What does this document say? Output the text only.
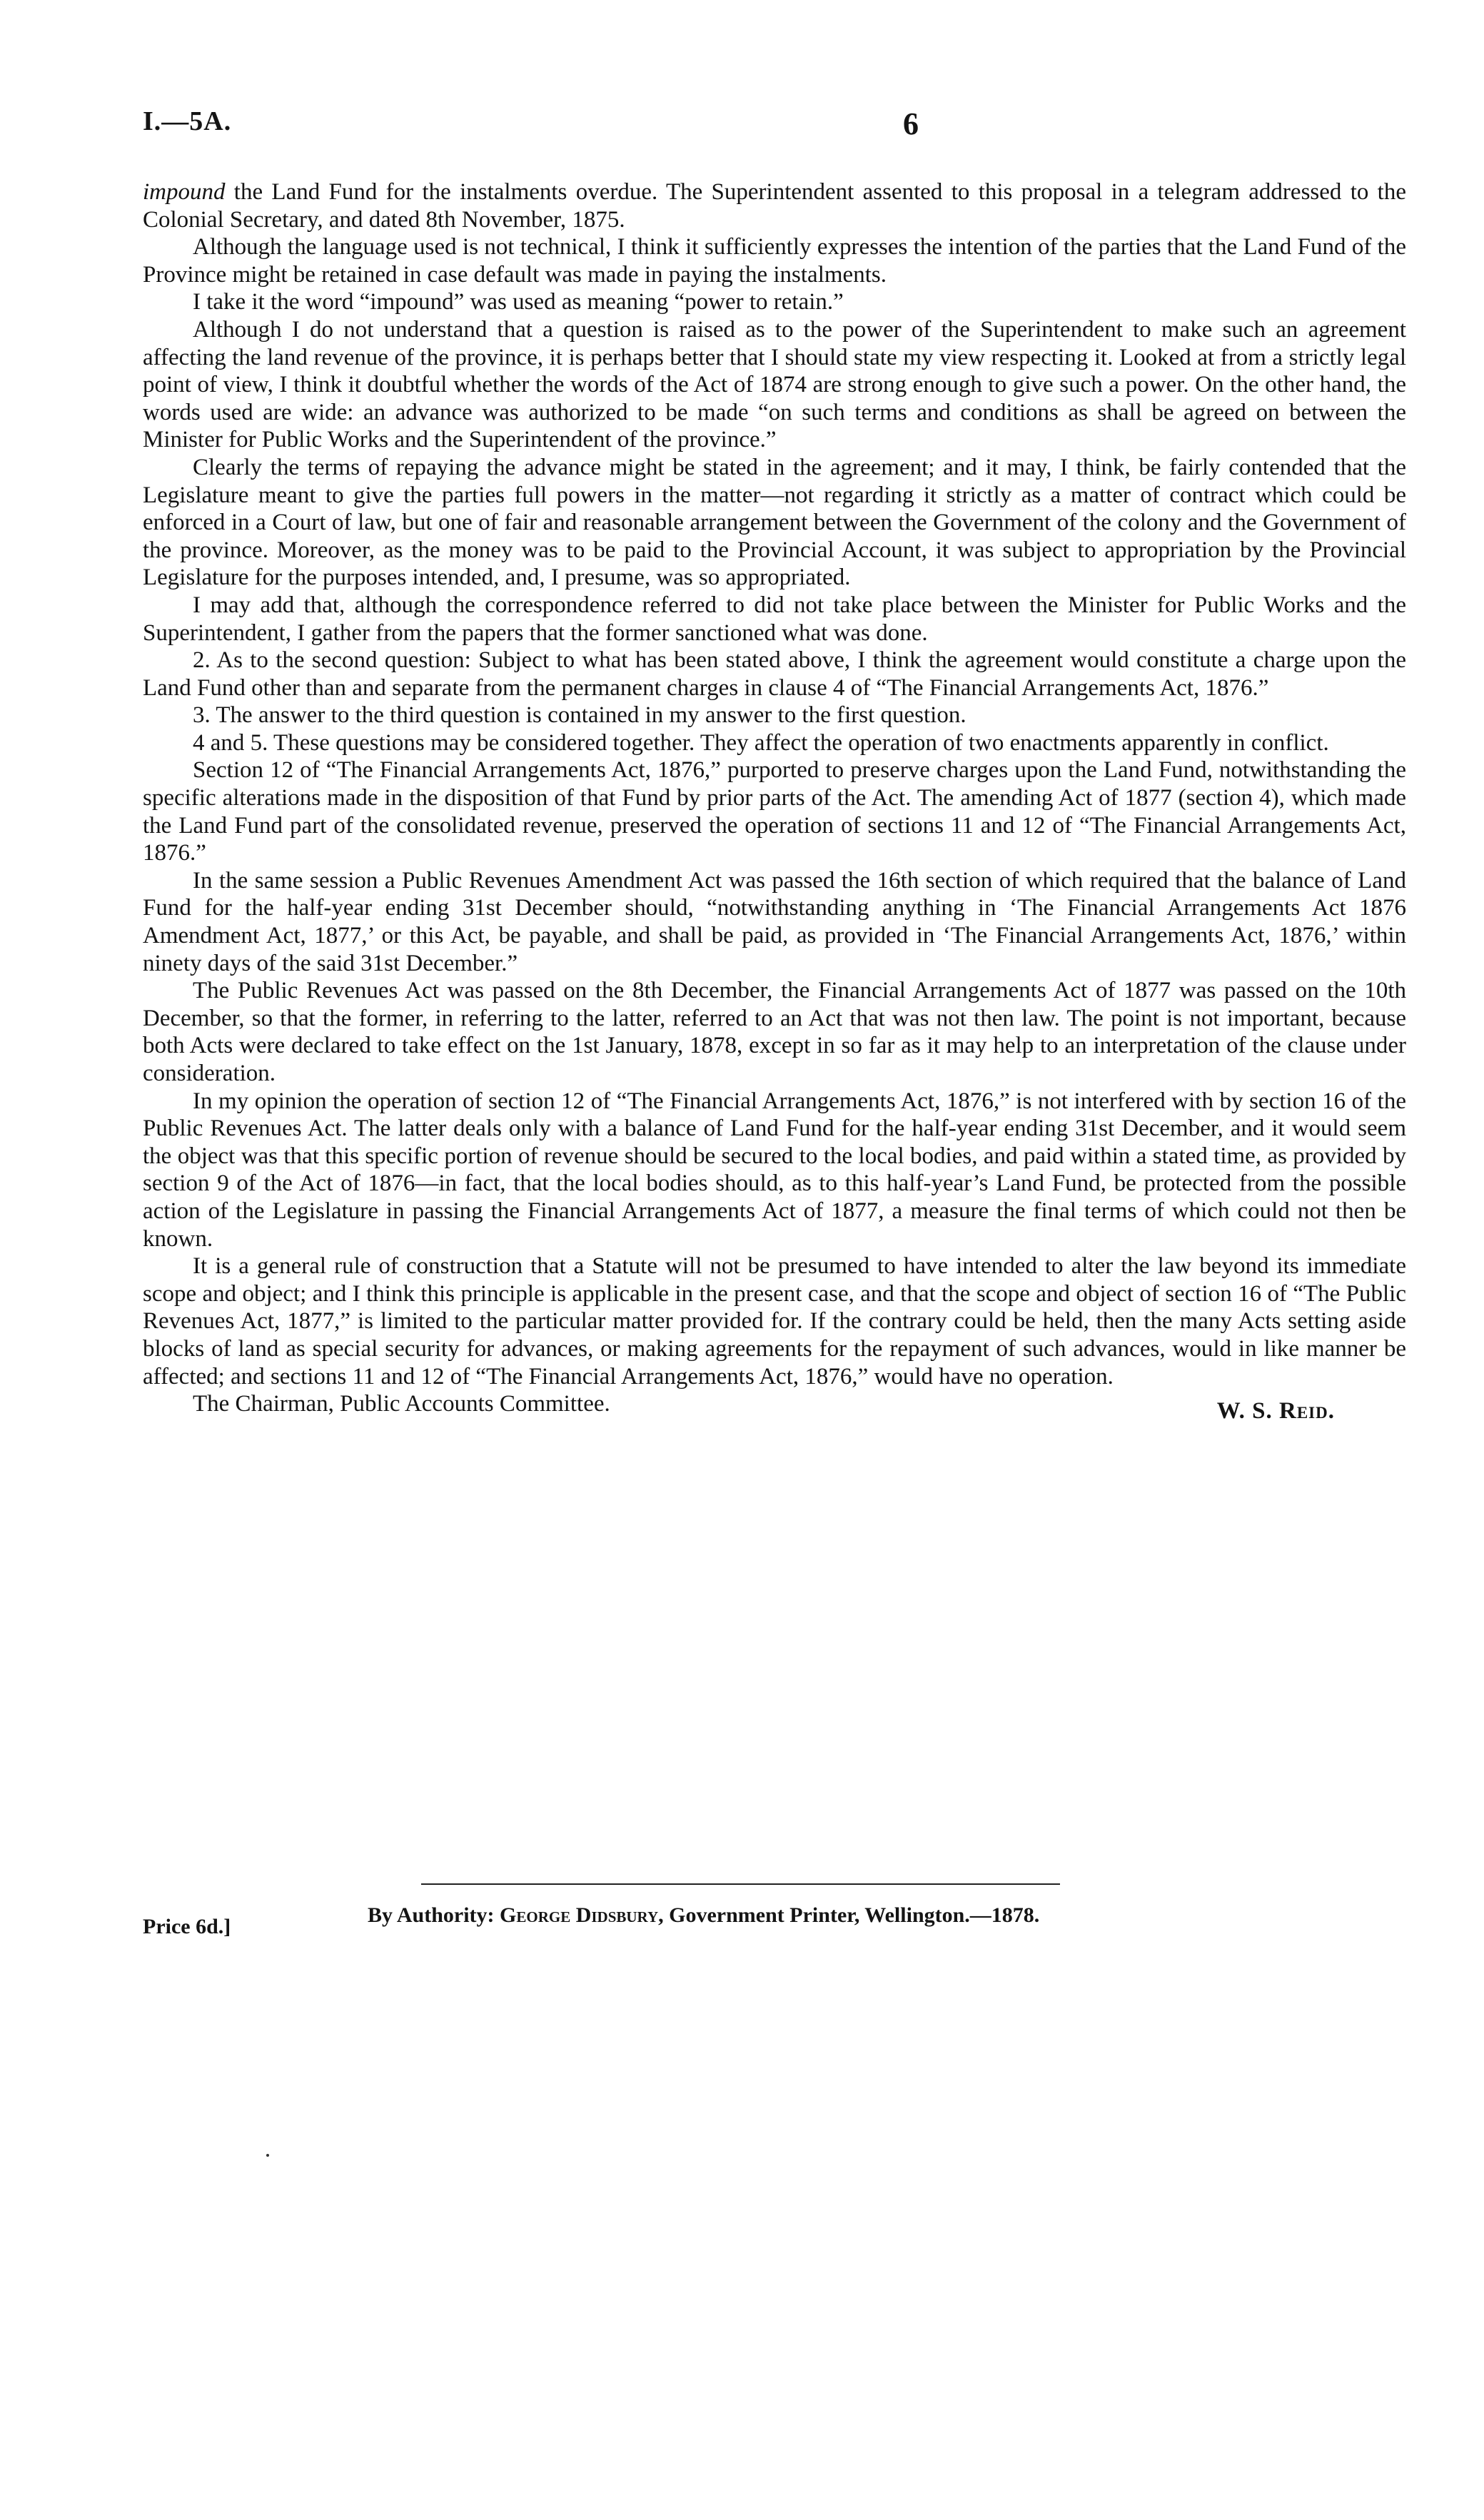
I.—5A.	6

impound the Land Fund for the instalments overdue. The Superintendent assented to this proposal in a telegram addressed to the Colonial Secretary, and dated 8th November, 1875.

Although the language used is not technical, I think it sufficiently expresses the intention of the parties that the Land Fund of the Province might be retained in case default was made in paying the instalments.

I take it the word “impound” was used as meaning “power to retain.”

Although I do not understand that a question is raised as to the power of the Superintendent to make such an agreement affecting the land revenue of the province, it is perhaps better that I should state my view respecting it. Looked at from a strictly legal point of view, I think it doubtful whether the words of the Act of 1874 are strong enough to give such a power. On the other hand, the words used are wide: an advance was authorized to be made “on such terms and conditions as shall be agreed on between the Minister for Public Works and the Superintendent of the province.”

Clearly the terms of repaying the advance might be stated in the agreement; and it may, I think, be fairly contended that the Legislature meant to give the parties full powers in the matter—not regarding it strictly as a matter of contract which could be enforced in a Court of law, but one of fair and reasonable arrangement between the Government of the colony and the Government of the province. Moreover, as the money was to be paid to the Provincial Account, it was subject to appropriation by the Provincial Legislature for the purposes intended, and, I presume, was so appropriated.

I may add that, although the correspondence referred to did not take place between the Minister for Public Works and the Superintendent, I gather from the papers that the former sanctioned what was done.

2. As to the second question: Subject to what has been stated above, I think the agreement would constitute a charge upon the Land Fund other than and separate from the permanent charges in clause 4 of “The Financial Arrangements Act, 1876.”

3. The answer to the third question is contained in my answer to the first question.

4 and 5. These questions may be considered together. They affect the operation of two enactments apparently in conflict.

Section 12 of “The Financial Arrangements Act, 1876,” purported to preserve charges upon the Land Fund, notwithstanding the specific alterations made in the disposition of that Fund by prior parts of the Act. The amending Act of 1877 (section 4), which made the Land Fund part of the consolidated revenue, preserved the operation of sections 11 and 12 of “The Financial Arrangements Act, 1876.”

In the same session a Public Revenues Amendment Act was passed the 16th section of which required that the balance of Land Fund for the half-year ending 31st December should, “notwithstanding anything in ‘The Financial Arrangements Act 1876 Amendment Act, 1877,’ or this Act, be payable, and shall be paid, as provided in ‘The Financial Arrangements Act, 1876,’ within ninety days of the said 31st December.”

The Public Revenues Act was passed on the 8th December, the Financial Arrangements Act of 1877 was passed on the 10th December, so that the former, in referring to the latter, referred to an Act that was not then law. The point is not important, because both Acts were declared to take effect on the 1st January, 1878, except in so far as it may help to an interpretation of the clause under consideration.

In my opinion the operation of section 12 of “The Financial Arrangements Act, 1876,” is not interfered with by section 16 of the Public Revenues Act. The latter deals only with a balance of Land Fund for the half-year ending 31st December, and it would seem the object was that this specific portion of revenue should be secured to the local bodies, and paid within a stated time, as provided by section 9 of the Act of 1876—in fact, that the local bodies should, as to this half-year’s Land Fund, be protected from the possible action of the Legislature in passing the Financial Arrangements Act of 1877, a measure the final terms of which could not then be known.

It is a general rule of construction that a Statute will not be presumed to have intended to alter the law beyond its immediate scope and object; and I think this principle is applicable in the present case, and that the scope and object of section 16 of “The Public Revenues Act, 1877,” is limited to the particular matter provided for. If the contrary could be held, then the many Acts setting aside blocks of land as special security for advances, or making agreements for the repayment of such advances, would in like manner be affected; and sections 11 and 12 of “The Financial Arrangements Act, 1876,” would have no operation.

The Chairman, Public Accounts Committee.	W. S. Reid.
Price 6d.]	By Authority: George Didsbury, Government Printer, Wellington.—1878.
